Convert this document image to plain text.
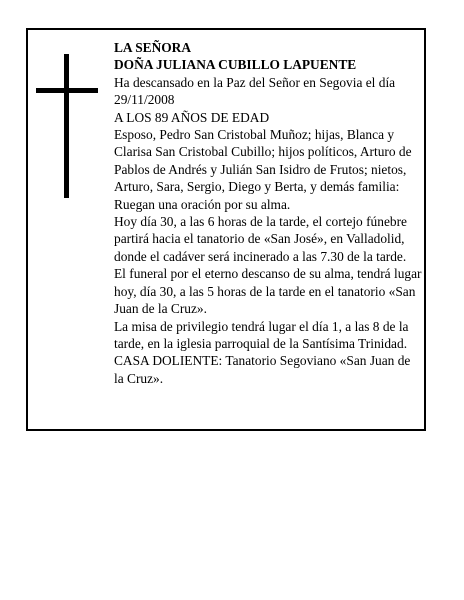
LA SEÑORA

DOÑA JULIANA CUBILLO LAPUENTE

Ha descansado en la Paz del Señor en Segovia el día 29/11/2008

A LOS 89 AÑOS DE EDAD

Esposo, Pedro San Cristobal Muñoz; hijas, Blanca y Clarisa San Cristobal Cubillo; hijos políticos, Arturo de Pablos de Andrés y Julián San Isidro de Frutos; nietos, Arturo, Sara, Sergio, Diego y Berta, y demás familia: Ruegan una oración por su alma.

Hoy día 30, a las 6 horas de la tarde, el cortejo fúnebre partirá hacia el tanatorio de «San José», en Valladolid, donde el cadáver será incinerado a las 7.30 de la tarde.

El funeral por el eterno descanso de su alma, tendrá lugar hoy, día 30, a las 5 horas de la tarde en el tanatorio «San Juan de la Cruz».

La misa de privilegio tendrá lugar el día 1, a las 8 de la tarde, en la iglesia parroquial de la Santísima Trinidad.

CASA DOLIENTE: Tanatorio Segoviano «San Juan de la Cruz».
